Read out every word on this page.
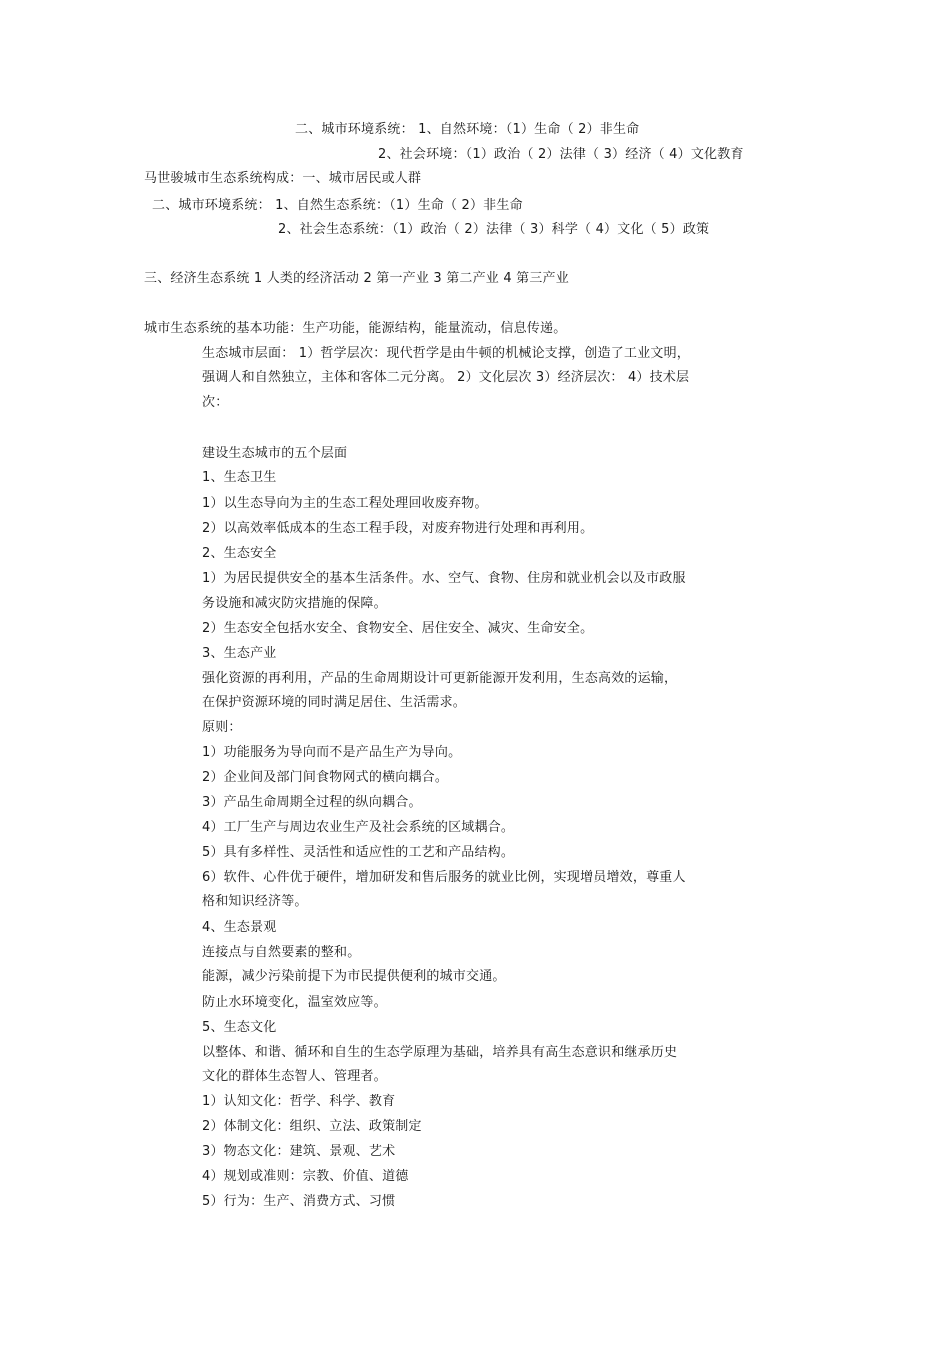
二、城市环境系统： 1、自然环境：（1）生命（ 2）非生命
2、社会环境：（1）政治（ 2）法律（ 3）经济（ 4）文化教育
马世骏城市生态系统构成：一、城市居民或人群
二、城市环境系统： 1、自然生态系统：（1）生命（ 2）非生命
2、社会生态系统：（1）政治（ 2）法律（ 3）科学（ 4）文化（ 5）政策
三、经济生态系统 1 人类的经济活动 2 第一产业 3 第二产业 4 第三产业
城市生态系统的基本功能：生产功能，能源结构，能量流动，信息传递。
生态城市层面： 1）哲学层次：现代哲学是由牛顿的机械论支撑，创造了工业文明，
强调人和自然独立，主体和客体二元分离。 2）文化层次 3）经济层次： 4）技术层
次：
建设生态城市的五个层面
1、生态卫生
1）以生态导向为主的生态工程处理回收废弃物。
2）以高效率低成本的生态工程手段，对废弃物进行处理和再利用。
2、生态安全
1）为居民提供安全的基本生活条件。水、空气、食物、住房和就业机会以及市政服
务设施和减灾防灾措施的保障。
2）生态安全包括水安全、食物安全、居住安全、减灾、生命安全。
3、生态产业
强化资源的再利用，产品的生命周期设计可更新能源开发利用，生态高效的运输，
在保护资源环境的同时满足居住、生活需求。
原则：
1）功能服务为导向而不是产品生产为导向。
2）企业间及部门间食物网式的横向耦合。
3）产品生命周期全过程的纵向耦合。
4）工厂生产与周边农业生产及社会系统的区域耦合。
5）具有多样性、灵活性和适应性的工艺和产品结构。
6）软件、心件优于硬件，增加研发和售后服务的就业比例，实现增员增效，尊重人
格和知识经济等。
4、生态景观
连接点与自然要素的整和。
能源，减少污染前提下为市民提供便利的城市交通。
防止水环境变化，温室效应等。
5、生态文化
以整体、和谐、循环和自生的生态学原理为基础，培养具有高生态意识和继承历史
文化的群体生态智人、管理者。
1）认知文化：哲学、科学、教育
2）体制文化：组织、立法、政策制定
3）物态文化：建筑、景观、艺术
4）规划或准则：宗教、价值、道德
5）行为：生产、消费方式、习惯
